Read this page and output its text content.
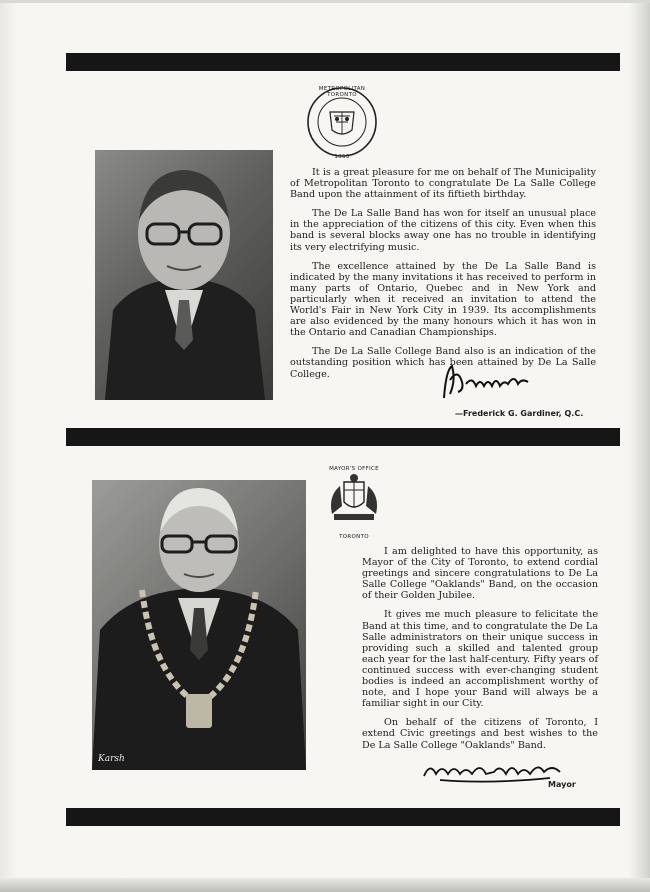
METROPOLITAN TORONTO
1953

It is a great pleasure for me on behalf of The Municipality of Metropolitan Toronto to congratulate De La Salle College Band upon the attainment of its fiftieth birthday.

The De La Salle Band has won for itself an unusual place in the appreciation of the citizens of this city. Even when this band is several blocks away one has no trouble in identifying its very electrifying music.

The excellence attained by the De La Salle Band is indicated by the many invitations it has received to perform in many parts of Ontario, Quebec and in New York and particularly when it received an invitation to attend the World's Fair in New York City in 1939. Its accomplishments are also evidenced by the many honours which it has won in the Ontario and Canadian Championships.

The De La Salle College Band also is an indication of the outstanding position which has been attained by De La Salle College.

—Frederick G. Gardiner, Q.C.
MAYOR'S OFFICE
TORONTO
Karsh

I am delighted to have this opportunity, as Mayor of the City of Toronto, to extend cordial greetings and sincere congratulations to De La Salle College "Oaklands" Band, on the occasion of their Golden Jubilee.

It gives me much pleasure to felicitate the Band at this time, and to congratulate the De La Salle administrators on their unique success in providing such a skilled and talented group each year for the last half-century. Fifty years of continued success with ever-changing student bodies is indeed an accomplishment worthy of note, and I hope your Band will always be a familiar sight in our City.

On behalf of the citizens of Toronto, I extend Civic greetings and best wishes to the De La Salle College "Oaklands" Band.

Mayor
